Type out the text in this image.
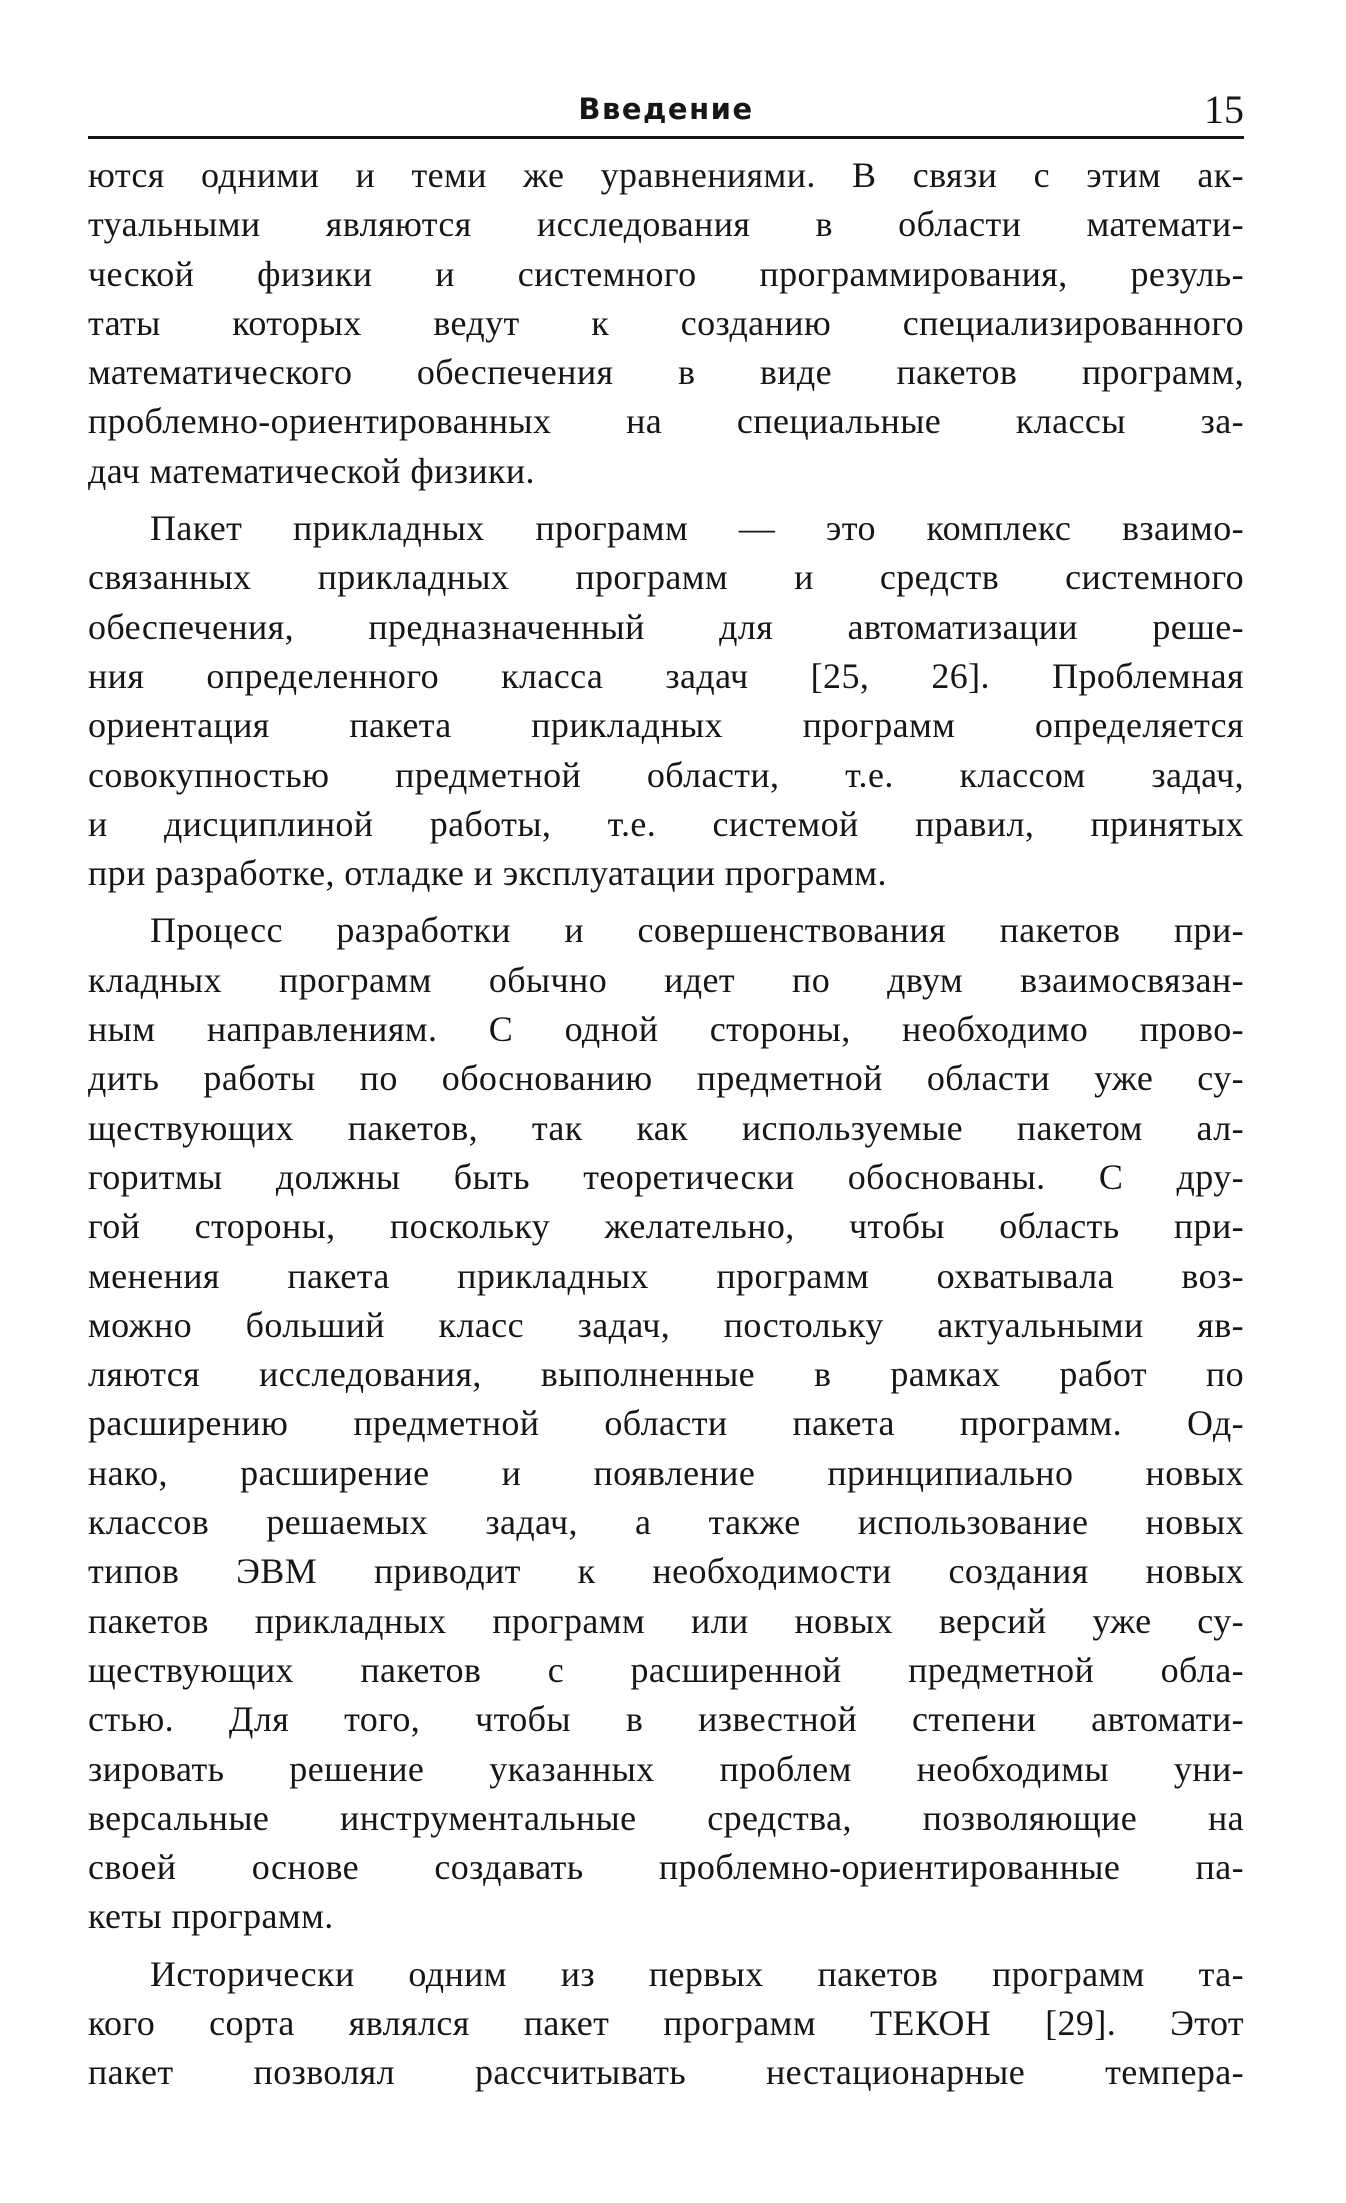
Введение	15
ются одними и теми же уравнениями. В связи с этим ак-
туальными являются исследования в области математи-
ческой физики и системного программирования, резуль-
таты которых ведут к созданию специализированного
математического обеспечения в виде пакетов программ,
проблемно-ориентированных на специальные классы за-
дач математической физики.
Пакет прикладных программ — это комплекс взаимо-
связанных прикладных программ и средств системного
обеспечения, предназначенный для автоматизации реше-
ния определенного класса задач [25, 26]. Проблемная
ориентация пакета прикладных программ определяется
совокупностью предметной области, т.е. классом задач,
и дисциплиной работы, т.е. системой правил, принятых
при разработке, отладке и эксплуатации программ.
Процесс разработки и совершенствования пакетов при-
кладных программ обычно идет по двум взаимосвязан-
ным направлениям. С одной стороны, необходимо прово-
дить работы по обоснованию предметной области уже су-
ществующих пакетов, так как используемые пакетом ал-
горитмы должны быть теоретически обоснованы. С дру-
гой стороны, поскольку желательно, чтобы область при-
менения пакета прикладных программ охватывала воз-
можно больший класс задач, постольку актуальными яв-
ляются исследования, выполненные в рамках работ по
расширению предметной области пакета программ. Од-
нако, расширение и появление принципиально новых
классов решаемых задач, а также использование новых
типов ЭВМ приводит к необходимости создания новых
пакетов прикладных программ или новых версий уже су-
ществующих пакетов с расширенной предметной обла-
стью. Для того, чтобы в известной степени автомати-
зировать решение указанных проблем необходимы уни-
версальные инструментальные средства, позволяющие на
своей основе создавать проблемно-ориентированные па-
кеты программ.
Исторически одним из первых пакетов программ та-
кого сорта являлся пакет программ ТЕКОН [29]. Этот
пакет позволял рассчитывать нестационарные темпера-
